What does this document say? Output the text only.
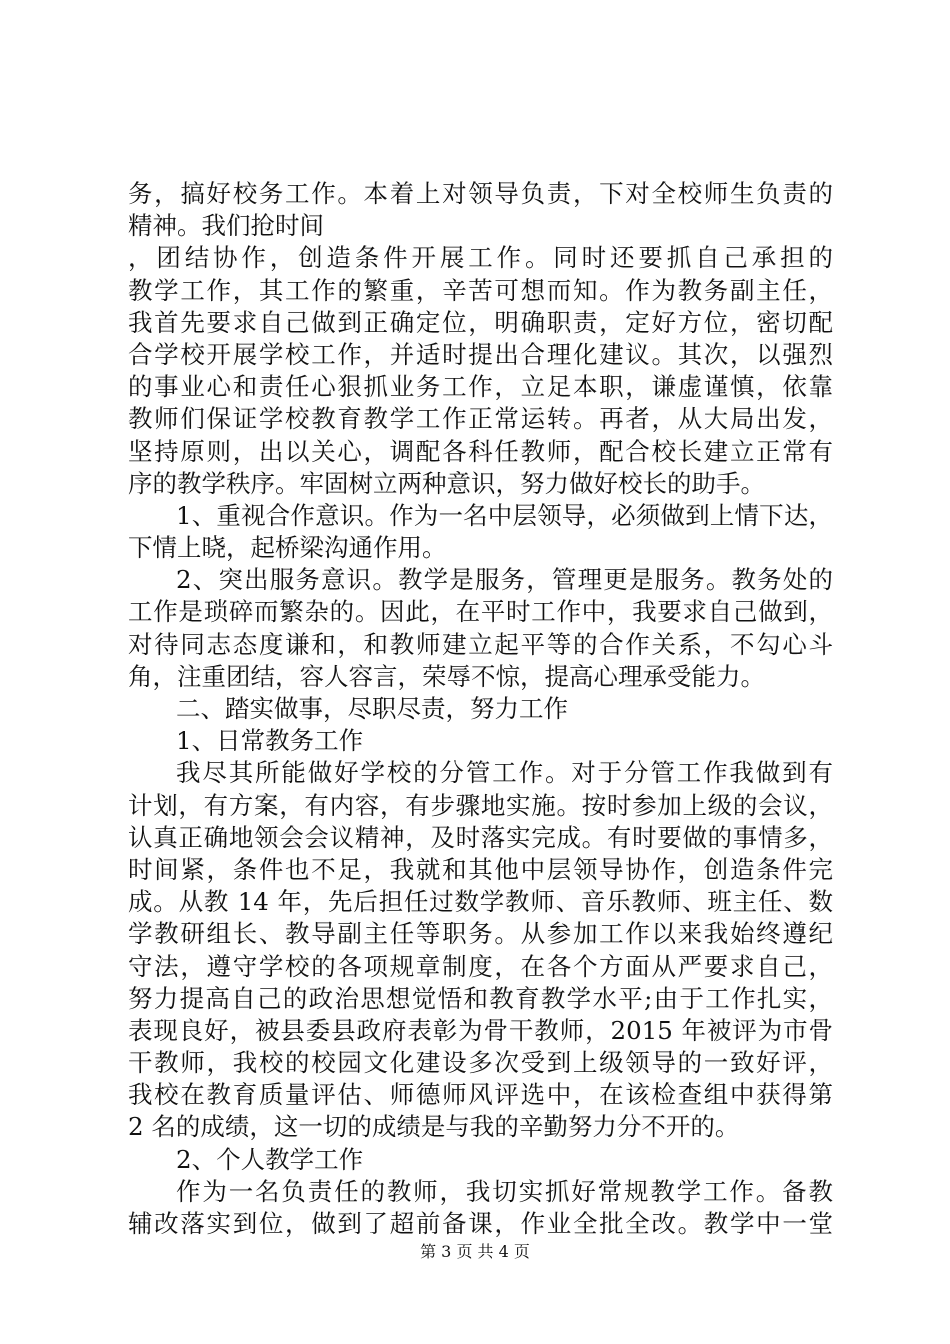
务，搞好校务工作。本着上对领导负责，下对全校师生负责的
精神。我们抢时间
，团结协作，创造条件开展工作。同时还要抓自己承担的
教学工作，其工作的繁重，辛苦可想而知。作为教务副主任，
我首先要求自己做到正确定位，明确职责，定好方位，密切配
合学校开展学校工作，并适时提出合理化建议。其次，以强烈
的事业心和责任心狠抓业务工作，立足本职，谦虚谨慎，依靠
教师们保证学校教育教学工作正常运转。再者，从大局出发，
坚持原则，出以关心，调配各科任教师，配合校长建立正常有
序的教学秩序。牢固树立两种意识，努力做好校长的助手。
1、重视合作意识。作为一名中层领导，必须做到上情下达，
下情上晓，起桥梁沟通作用。
2、突出服务意识。教学是服务，管理更是服务。教务处的
工作是琐碎而繁杂的。因此，在平时工作中，我要求自己做到，
对待同志态度谦和，和教师建立起平等的合作关系，不勾心斗
角，注重团结，容人容言，荣辱不惊，提高心理承受能力。
二、踏实做事，尽职尽责，努力工作
1、日常教务工作
我尽其所能做好学校的分管工作。对于分管工作我做到有
计划，有方案，有内容，有步骤地实施。按时参加上级的会议，
认真正确地领会会议精神，及时落实完成。有时要做的事情多，
时间紧，条件也不足，我就和其他中层领导协作，创造条件完
成。从教 14 年，先后担任过数学教师、音乐教师、班主任、数
学教研组长、教导副主任等职务。从参加工作以来我始终遵纪
守法，遵守学校的各项规章制度，在各个方面从严要求自己，
努力提高自己的政治思想觉悟和教育教学水平;由于工作扎实，
表现良好，被县委县政府表彰为骨干教师，2015 年被评为市骨
干教师，我校的校园文化建设多次受到上级领导的一致好评，
我校在教育质量评估、师德师风评选中，在该检查组中获得第
2 名的成绩，这一切的成绩是与我的辛勤努力分不开的。
2、个人教学工作
作为一名负责任的教师，我切实抓好常规教学工作。备教
辅改落实到位，做到了超前备课，作业全批全改。教学中一堂
第 3 页 共 4 页
